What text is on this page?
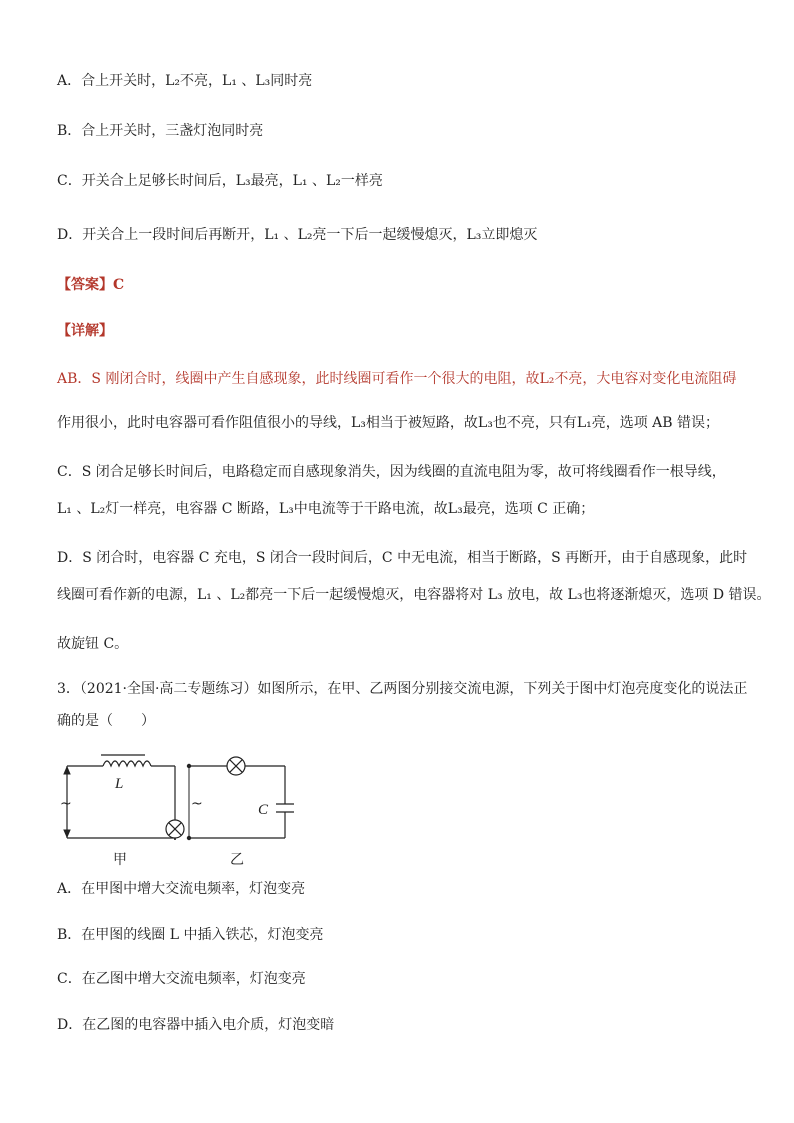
A．合上开关时，L₂不亮，L₁ 、L₃同时亮
B．合上开关时，三盏灯泡同时亮
C．开关合上足够长时间后，L₃最亮，L₁ 、L₂一样亮
D．开关合上一段时间后再断开，L₁ 、L₂亮一下后一起缓慢熄灭，L₃立即熄灭
【答案】C
【详解】
AB．S 刚闭合时，线圈中产生自感现象，此时线圈可看作一个很大的电阻，故L₂不亮，大电容对变化电流阻碍
作用很小，此时电容器可看作阻值很小的导线，L₃相当于被短路，故L₃也不亮，只有L₁亮，选项 AB 错误；
C．S 闭合足够长时间后，电路稳定而自感现象消失，因为线圈的直流电阻为零，故可将线圈看作一根导线，
L₁ 、L₂灯一样亮，电容器 C 断路，L₃中电流等于干路电流，故L₃最亮，选项 C 正确；
D．S 闭合时，电容器 C 充电，S 闭合一段时间后，C 中无电流，相当于断路，S 再断开，由于自感现象，此时
线圈可看作新的电源，L₁ 、L₂都亮一下后一起缓慢熄灭，电容器将对 L₃ 放电，故 L₃也将逐渐熄灭，选项 D 错误。
故旋钮 C。
3．（2021·全国·高二专题练习）如图所示，在甲、乙两图分别接交流电源，下列关于图中灯泡亮度变化的说法正
确的是（　　）
A．在甲图中增大交流电频率，灯泡变亮
B．在甲图的线圈 L 中插入铁芯，灯泡变亮
C．在乙图中增大交流电频率，灯泡变亮
D．在乙图的电容器中插入电介质，灯泡变暗
L
C
~	~
甲	乙
